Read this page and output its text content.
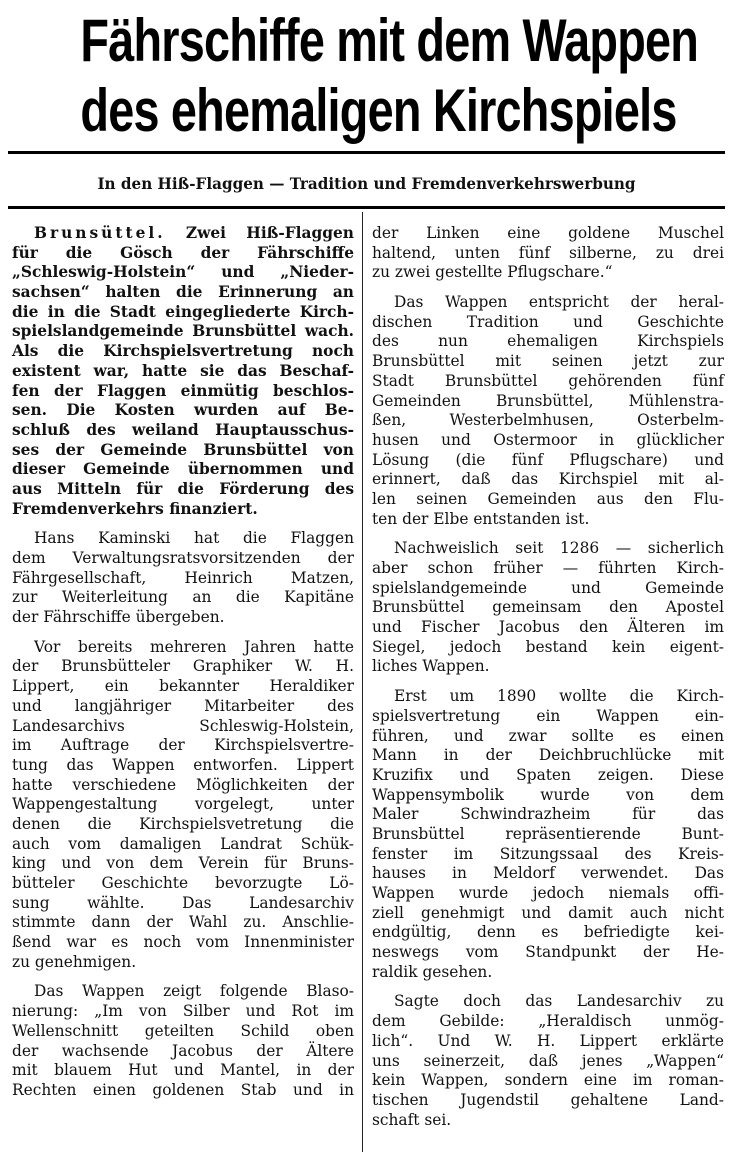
Fährschiffe mit dem Wappen
des ehemaligen Kirchspiels
In den Hiß-Flaggen — Tradition und Fremdenverkehrswerbung
Brunsüttel. Zwei Hiß-Flaggen
für die Gösch der Fährschiffe
„Schleswig-Holstein“ und „Nieder-
sachsen“ halten die Erinnerung an
die in die Stadt eingegliederte Kirch-
spielslandgemeinde Brunsbüttel wach.
Als die Kirchspielsvertretung noch
existent war, hatte sie das Beschaf-
fen der Flaggen einmütig beschlos-
sen. Die Kosten wurden auf Be-
schluß des weiland Hauptausschus-
ses der Gemeinde Brunsbüttel von
dieser Gemeinde übernommen und
aus Mitteln für die Förderung des
Fremdenverkehrs finanziert.
Hans Kaminski hat die Flaggen
dem Verwaltungsratsvorsitzenden der
Fährgesellschaft, Heinrich Matzen,
zur Weiterleitung an die Kapitäne
der Fährschiffe übergeben.
Vor bereits mehreren Jahren hatte
der Brunsbütteler Graphiker W. H.
Lippert, ein bekannter Heraldiker
und langjähriger Mitarbeiter des
Landesarchivs Schleswig-Holstein,
im Auftrage der Kirchspielsvertre-
tung das Wappen entworfen. Lippert
hatte verschiedene Möglichkeiten der
Wappengestaltung vorgelegt, unter
denen die Kirchspielsvetretung die
auch vom damaligen Landrat Schük-
king und von dem Verein für Bruns-
bütteler Geschichte bevorzugte Lö-
sung wählte. Das Landesarchiv
stimmte dann der Wahl zu. Anschlie-
ßend war es noch vom Innenminister
zu genehmigen.
Das Wappen zeigt folgende Blaso-
nierung: „Im von Silber und Rot im
Wellenschnitt geteilten Schild oben
der wachsende Jacobus der Ältere
mit blauem Hut und Mantel, in der
Rechten einen goldenen Stab und in
der Linken eine goldene Muschel
haltend, unten fünf silberne, zu drei
zu zwei gestellte Pflugschare.“
Das Wappen entspricht der heral-
dischen Tradition und Geschichte
des nun ehemaligen Kirchspiels
Brunsbüttel mit seinen jetzt zur
Stadt Brunsbüttel gehörenden fünf
Gemeinden Brunsbüttel, Mühlenstra-
ßen, Westerbelmhusen, Osterbelm-
husen und Ostermoor in glücklicher
Lösung (die fünf Pflugschare) und
erinnert, daß das Kirchspiel mit al-
len seinen Gemeinden aus den Flu-
ten der Elbe entstanden ist.
Nachweislich seit 1286 — sicherlich
aber schon früher — führten Kirch-
spielslandgemeinde und Gemeinde
Brunsbüttel gemeinsam den Apostel
und Fischer Jacobus den Älteren im
Siegel, jedoch bestand kein eigent-
liches Wappen.
Erst um 1890 wollte die Kirch-
spielsvertretung ein Wappen ein-
führen, und zwar sollte es einen
Mann in der Deichbruchlücke mit
Kruzifix und Spaten zeigen. Diese
Wappensymbolik wurde von dem
Maler Schwindrazheim für das
Brunsbüttel repräsentierende Bunt-
fenster im Sitzungssaal des Kreis-
hauses in Meldorf verwendet. Das
Wappen wurde jedoch niemals offi-
ziell genehmigt und damit auch nicht
endgültig, denn es befriedigte kei-
neswegs vom Standpunkt der He-
raldik gesehen.
Sagte doch das Landesarchiv zu
dem Gebilde: „Heraldisch unmög-
lich“. Und W. H. Lippert erklärte
uns seinerzeit, daß jenes „Wappen“
kein Wappen, sondern eine im roman-
tischen Jugendstil gehaltene Land-
schaft sei.
